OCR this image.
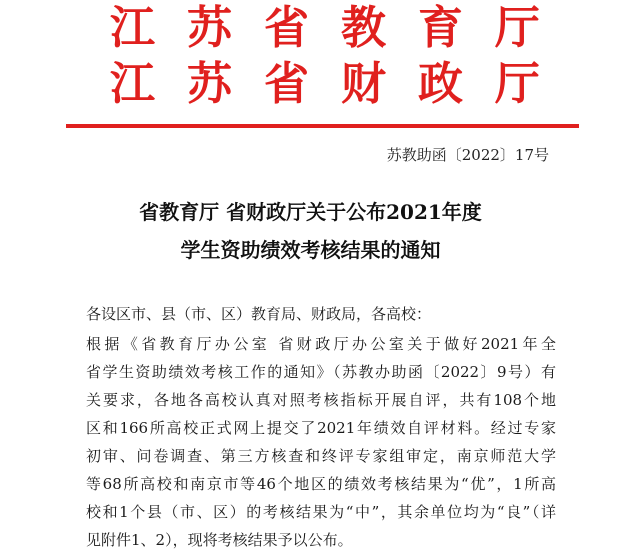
江 苏 省 教 育 厅
江 苏 省 财 政 厅
苏教助函〔2022〕17号
省教育厅 省财政厅关于公布2021年度
学生资助绩效考核结果的通知
各设区市、县（市、区）教育局、财政局，各高校：
根据《省教育厅办公室 省财政厅办公室关于做好2021年全
省学生资助绩效考核工作的通知》（苏教办助函〔2022〕9号）有
关要求，各地各高校认真对照考核指标开展自评，共有108个地
区和166所高校正式网上提交了2021年绩效自评材料。经过专家
初审、问卷调查、第三方核查和终评专家组审定，南京师范大学
等68所高校和南京市等46个地区的绩效考核结果为“优”，1所高
校和1个县（市、区）的考核结果为“中”，其余单位均为“良”（详
见附件1、2），现将考核结果予以公布。
